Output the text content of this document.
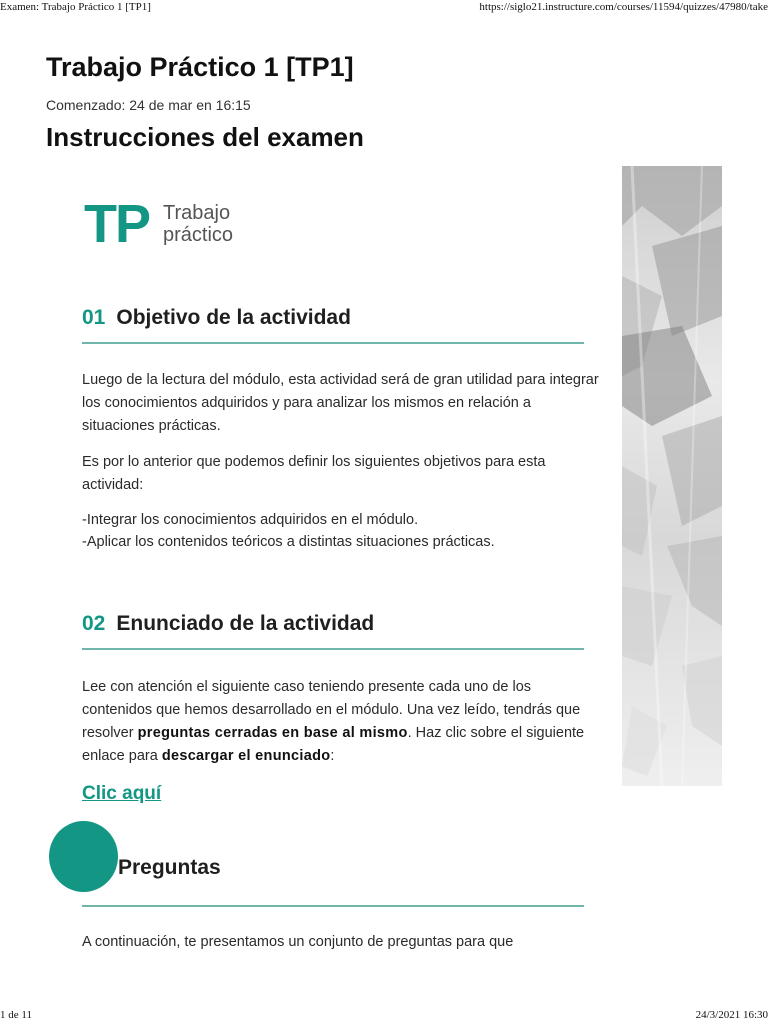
Examen: Trabajo Práctico 1 [TP1]	https://siglo21.instructure.com/courses/11594/quizzes/47980/take
Trabajo Práctico 1 [TP1]
Comenzado: 24 de mar en 16:15
Instrucciones del examen
TP Trabajo
práctico
01 Objetivo de la actividad

Luego de la lectura del módulo, esta actividad será de gran utilidad para integrar los conocimientos adquiridos y para analizar los mismos en relación a situaciones prácticas.

Es por lo anterior que podemos definir los siguientes objetivos para esta actividad:

-Integrar los conocimientos adquiridos en el módulo.

-Aplicar los contenidos teóricos a distintas situaciones prácticas.

02 Enunciado de la actividad

Lee con atención el siguiente caso teniendo presente cada uno de los contenidos que hemos desarrollado en el módulo. Una vez leído, tendrás que resolver preguntas cerradas en base al mismo. Haz clic sobre el siguiente enlace para descargar el enunciado:

Clic aquí
Preguntas

A continuación, te presentamos un conjunto de preguntas para que

1 de 11	24/3/2021 16:30
